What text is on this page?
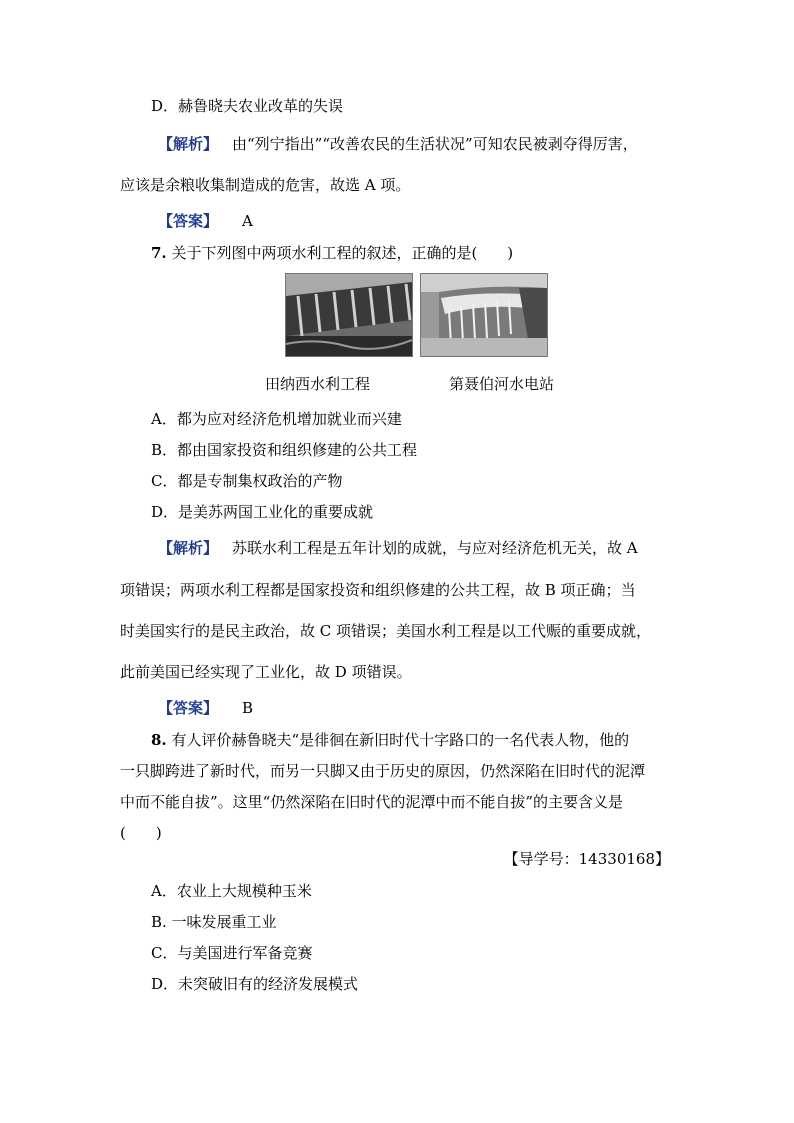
D．赫鲁晓夫农业改革的失误
【解析】 由“列宁指出”“改善农民的生活状况”可知农民被剥夺得厉害，
应该是余粮收集制造成的危害，故选 A 项。
【答案】 A
7. 关于下列图中两项水利工程的叙述，正确的是(　　)
田纳西水利工程	第聂伯河水电站
A．都为应对经济危机增加就业而兴建
B．都由国家投资和组织修建的公共工程
C．都是专制集权政治的产物
D．是美苏两国工业化的重要成就
【解析】 苏联水利工程是五年计划的成就，与应对经济危机无关，故 A
项错误；两项水利工程都是国家投资和组织修建的公共工程，故 B 项正确；当
时美国实行的是民主政治，故 C 项错误；美国水利工程是以工代赈的重要成就，
此前美国已经实现了工业化，故 D 项错误。
【答案】 B
8. 有人评价赫鲁晓夫“是徘徊在新旧时代十字路口的一名代表人物，他的
一只脚跨进了新时代，而另一只脚又由于历史的原因，仍然深陷在旧时代的泥潭
中而不能自拔”。这里“仍然深陷在旧时代的泥潭中而不能自拔”的主要含义是
(　　)
【导学号：14330168】
A．农业上大规模种玉米
B. 一味发展重工业
C．与美国进行军备竞赛
D．未突破旧有的经济发展模式
